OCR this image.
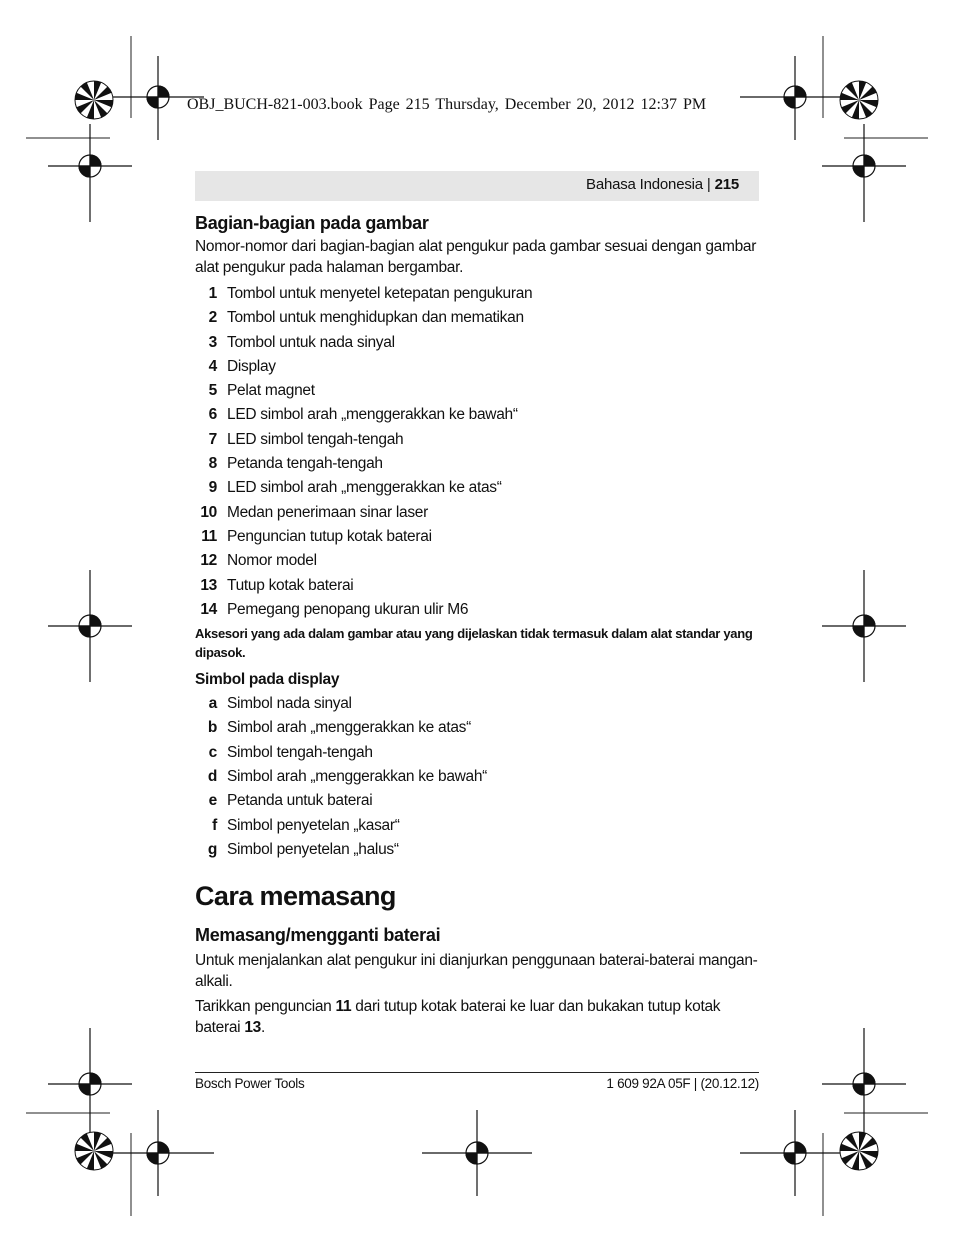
OBJ_BUCH-821-003.book Page 215 Thursday, December 20, 2012 12:37 PM
Bahasa Indonesia | 215
Bagian-bagian pada gambar

Nomor-nomor dari bagian-bagian alat pengukur pada gambar sesuai dengan gambar alat pengukur pada halaman bergambar.

1 Tombol untuk menyetel ketepatan pengukuran
2 Tombol untuk menghidupkan dan mematikan
3 Tombol untuk nada sinyal
4 Display
5 Pelat magnet
6 LED simbol arah „menggerakkan ke bawah“
7 LED simbol tengah-tengah
8 Petanda tengah-tengah
9 LED simbol arah „menggerakkan ke atas“
10 Medan penerimaan sinar laser
11 Penguncian tutup kotak baterai
12 Nomor model
13 Tutup kotak baterai
14 Pemegang penopang ukuran ulir M6
Aksesori yang ada dalam gambar atau yang dijelaskan tidak termasuk dalam alat standar yang dipasok.
Simbol pada display
a Simbol nada sinyal
b Simbol arah „menggerakkan ke atas“
c Simbol tengah-tengah
d Simbol arah „menggerakkan ke bawah“
e Petanda untuk baterai
f Simbol penyetelan „kasar“
g Simbol penyetelan „halus“
Cara memasang
Memasang/mengganti baterai

Untuk menjalankan alat pengukur ini dianjurkan penggunaan baterai-baterai mangan-alkali.

Tarikkan penguncian 11 dari tutup kotak baterai ke luar dan bukakan tutup kotak baterai 13.

Bosch Power Tools	1 609 92A 05F | (20.12.12)
